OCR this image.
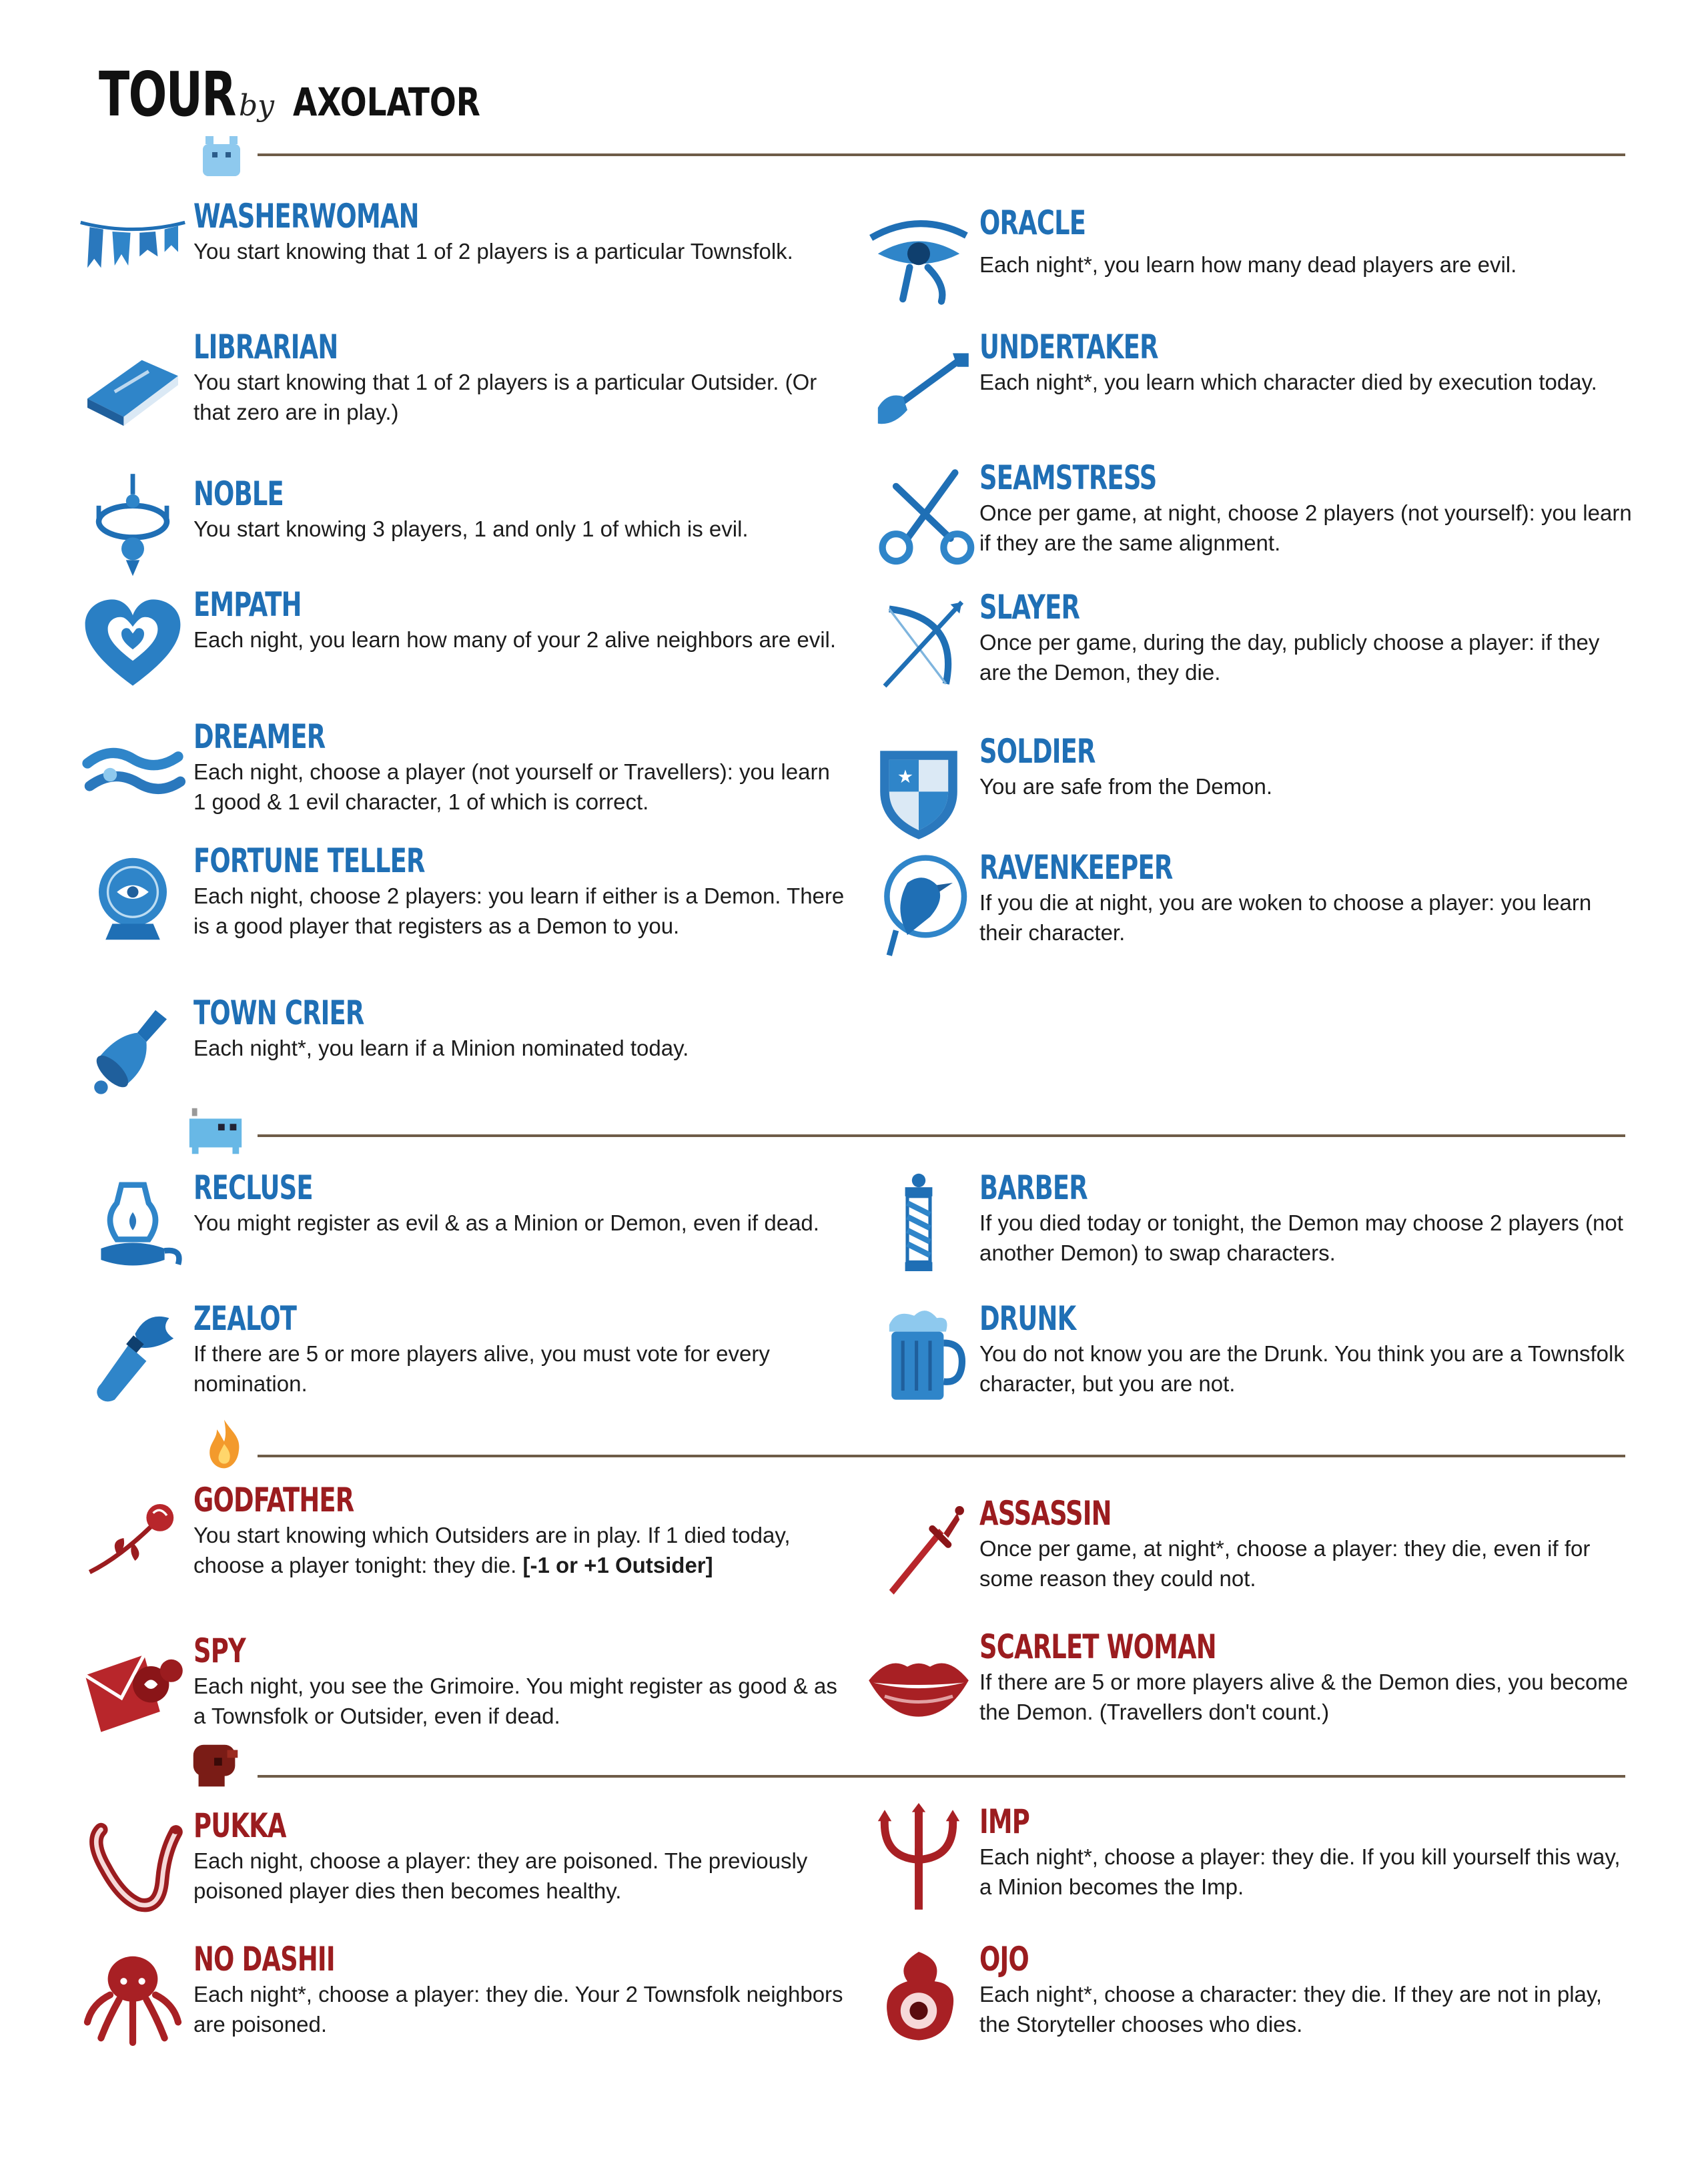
TOUR by AXOLATOR
WASHERWOMAN
You start knowing that 1 of 2 players is a particular Townsfolk.
LIBRARIAN
You start knowing that 1 of 2 players is a particular Outsider. (Or that zero are in play.)
NOBLE
You start knowing 3 players, 1 and only 1 of which is evil.
EMPATH
Each night, you learn how many of your 2 alive neighbors are evil.
DREAMER
Each night, choose a player (not yourself or Travellers): you learn 1 good & 1 evil character, 1 of which is correct.
FORTUNE TELLER
Each night, choose 2 players: you learn if either is a Demon. There is a good player that registers as a Demon to you.
TOWN CRIER
Each night*, you learn if a Minion nominated today.
ORACLE
Each night*, you learn how many dead players are evil.
UNDERTAKER
Each night*, you learn which character died by execution today.
SEAMSTRESS
Once per game, at night, choose 2 players (not yourself): you learn if they are the same alignment.
SLAYER
Once per game, during the day, publicly choose a player: if they are the Demon, they die.
★
SOLDIER
You are safe from the Demon.
RAVENKEEPER
If you die at night, you are woken to choose a player: you learn their character.
RECLUSE
You might register as evil & as a Minion or Demon, even if dead.
ZEALOT
If there are 5 or more players alive, you must vote for every nomination.
BARBER
If you died today or tonight, the Demon may choose 2 players (not another Demon) to swap characters.
DRUNK
You do not know you are the Drunk. You think you are a Townsfolk character, but you are not.
GODFATHER
You start knowing which Outsiders are in play. If 1 died today, choose a player tonight: they die. [-1 or +1 Outsider]
SPY
Each night, you see the Grimoire. You might register as good & as a Townsfolk or Outsider, even if dead.
ASSASSIN
Once per game, at night*, choose a player: they die, even if for some reason they could not.
SCARLET WOMAN
If there are 5 or more players alive & the Demon dies, you become the Demon. (Travellers don't count.)
PUKKA
Each night, choose a player: they are poisoned. The previously poisoned player dies then becomes healthy.
NO DASHII
Each night*, choose a player: they die. Your 2 Townsfolk neighbors are poisoned.
IMP
Each night*, choose a player: they die. If you kill yourself this way, a Minion becomes the Imp.
OJO
Each night*, choose a character: they die. If they are not in play, the Storyteller chooses who dies.
